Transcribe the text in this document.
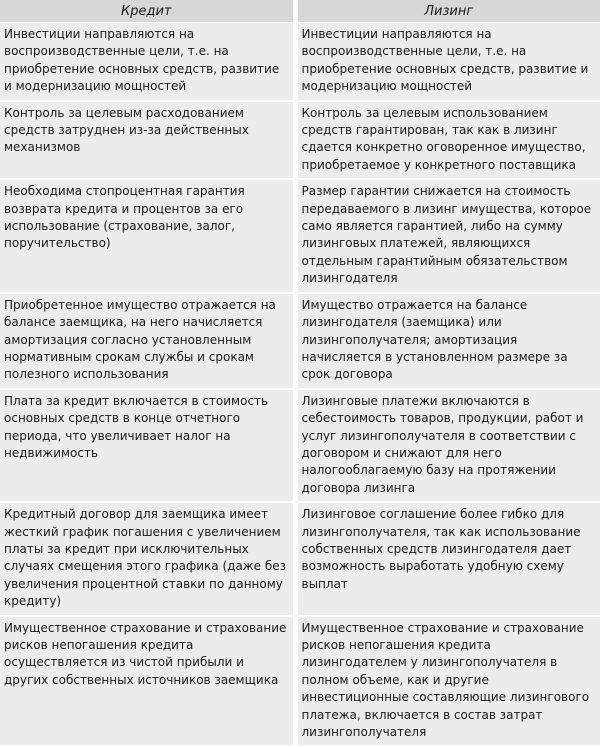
Кредит	Лизинг
Инвестиции направляются на воспроизводственные цели, т.е. на приобретение основных средств, развитие и модернизацию мощностей	Инвестиции направляются на воспроизводственные цели, т.е. на приобретение основных средств, развитие и модернизацию мощностей
Контроль за целевым расходованием средств затруднен из-за действенных механизмов	Контроль за целевым использованием средств гарантирован, так как в лизинг сдается конкретно оговоренное имущество, приобретаемое у конкретного поставщика
Необходима стопроцентная гарантия возврата кредита и процентов за его использование (страхование, залог, поручительство)	Размер гарантии снижается на стоимость передаваемого в лизинг имущества, которое само является гарантией, либо на сумму лизинговых платежей, являющихся отдельным гарантийным обязательством лизингодателя
Приобретенное имущество отражается на балансе заемщика, на него начисляется амортизация согласно установленным нормативным срокам службы и срокам полезного использования	Имущество отражается на балансе лизингодателя (заемщика) или лизингополучателя; амортизация начисляется в установленном размере за срок договора
Плата за кредит включается в стоимость основных средств в конце отчетного периода, что увеличивает налог на недвижимость	Лизинговые платежи включаются в себестоимость товаров, продукции, работ и услуг лизингополучателя в соответствии с договором и снижают для него налогооблагаемую базу на протяжении договора лизинга
Кредитный договор для заемщика имеет жесткий график погашения с увеличением платы за кредит при исключительных случаях смещения этого графика (даже без увеличения процентной ставки по данному кредиту)	Лизинговое соглашение более гибко для лизингополучателя, так как использование собственных средств лизингодателя дает возможность выработать удобную схему выплат
Имущественное страхование и страхование рисков непогашения кредита осуществляется из чистой прибыли и других собственных источников заемщика	Имущественное страхование и страхование рисков непогашения кредита лизингодателем у лизингополучателя в полном объеме, как и другие инвестиционные составляющие лизингового платежа, включается в состав затрат лизингополучателя
